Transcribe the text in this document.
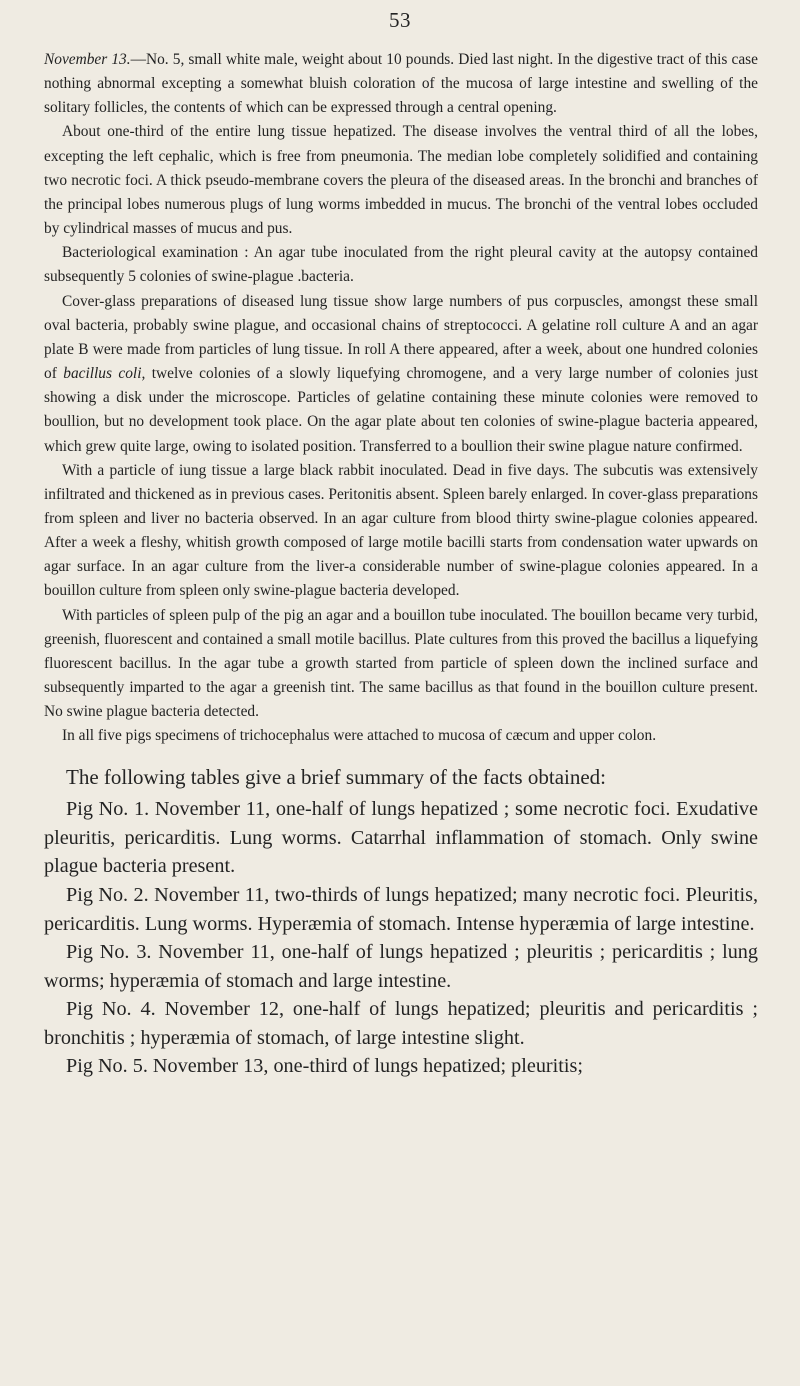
53

November 13.—No. 5, small white male, weight about 10 pounds. Died last night. In the digestive tract of this case nothing abnormal excepting a somewhat bluish coloration of the mucosa of large intestine and swelling of the solitary follicles, the contents of which can be expressed through a central opening.

About one-third of the entire lung tissue hepatized. The disease involves the ventral third of all the lobes, excepting the left cephalic, which is free from pneumonia. The median lobe completely solidified and containing two necrotic foci. A thick pseudo-membrane covers the pleura of the diseased areas. In the bronchi and branches of the principal lobes numerous plugs of lung worms imbedded in mucus. The bronchi of the ventral lobes occluded by cylindrical masses of mucus and pus.

Bacteriological examination : An agar tube inoculated from the right pleural cavity at the autopsy contained subsequently 5 colonies of swine-plague .bacteria.

Cover-glass preparations of diseased lung tissue show large numbers of pus corpuscles, amongst these small oval bacteria, probably swine plague, and occasional chains of streptococci. A gelatine roll culture A and an agar plate B were made from particles of lung tissue. In roll A there appeared, after a week, about one hundred colonies of bacillus coli, twelve colonies of a slowly liquefying chromogene, and a very large number of colonies just showing a disk under the microscope. Particles of gelatine containing these minute colonies were removed to boullion, but no development took place. On the agar plate about ten colonies of swine-plague bacteria appeared, which grew quite large, owing to isolated position. Transferred to a boullion their swine plague nature confirmed.

With a particle of iung tissue a large black rabbit inoculated. Dead in five days. The subcutis was extensively infiltrated and thickened as in previous cases. Peritonitis absent. Spleen barely enlarged. In cover-glass preparations from spleen and liver no bacteria observed. In an agar culture from blood thirty swine-plague colonies appeared. After a week a fleshy, whitish growth composed of large motile bacilli starts from condensation water upwards on agar surface. In an agar culture from the liver-a considerable number of swine-plague colonies appeared. In a bouillon culture from spleen only swine-plague bacteria developed.

With particles of spleen pulp of the pig an agar and a bouillon tube inoculated. The bouillon became very turbid, greenish, fluorescent and contained a small motile bacillus. Plate cultures from this proved the bacillus a liquefying fluorescent bacillus. In the agar tube a growth started from particle of spleen down the inclined surface and subsequently imparted to the agar a greenish tint. The same bacillus as that found in the bouillon culture present. No swine plague bacteria detected.

In all five pigs specimens of trichocephalus were attached to mucosa of cæcum and upper colon.

The following tables give a brief summary of the facts obtained:

Pig No. 1. November 11, one-half of lungs hepatized ; some necrotic foci. Exudative pleuritis, pericarditis. Lung worms. Catarrhal inflammation of stomach. Only swine plague bacteria present.

Pig No. 2. November 11, two-thirds of lungs hepatized; many necrotic foci. Pleuritis, pericarditis. Lung worms. Hyperæmia of stomach. Intense hyperæmia of large intestine.

Pig No. 3. November 11, one-half of lungs hepatized ; pleuritis ; pericarditis ; lung worms; hyperæmia of stomach and large intestine.

Pig No. 4. November 12, one-half of lungs hepatized; pleuritis and pericarditis ; bronchitis ; hyperæmia of stomach, of large intestine slight.

Pig No. 5. November 13, one-third of lungs hepatized; pleuritis;
